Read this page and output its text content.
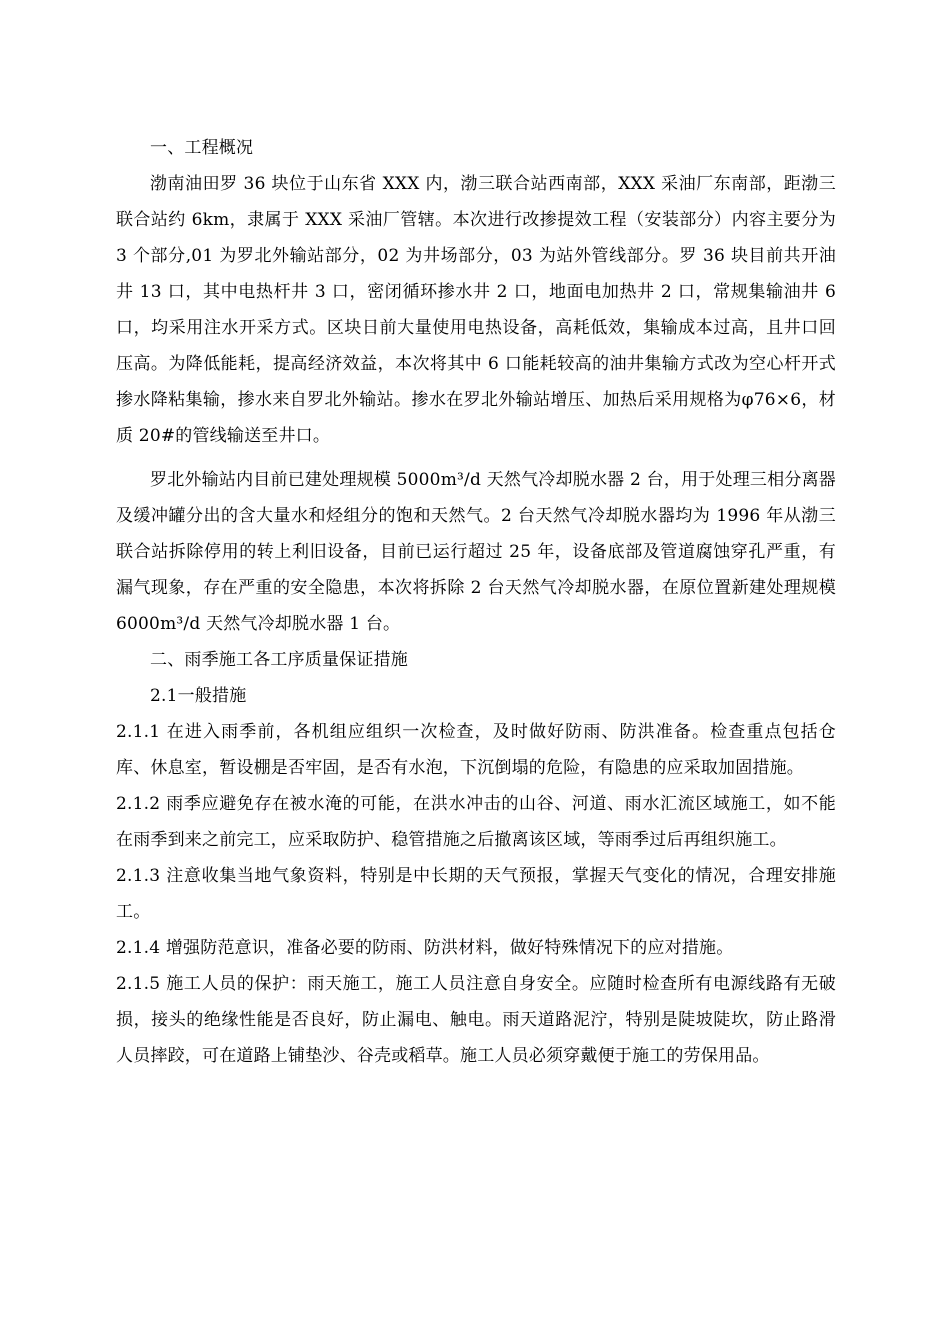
一、工程概况

渤南油田罗 36 块位于山东省 XXX 内，渤三联合站西南部，XXX 采油厂东南部，距渤三联合站约 6km，隶属于 XXX 采油厂管辖。本次进行改掺提效工程（安装部分）内容主要分为 3 个部分,01 为罗北外输站部分，02 为井场部分，03 为站外管线部分。罗 36 块目前共开油井 13 口，其中电热杆井 3 口，密闭循环掺水井 2 口，地面电加热井 2 口，常规集输油井 6 口，均采用注水开采方式。区块日前大量使用电热设备，高耗低效，集输成本过高，且井口回压高。为降低能耗，提高经济效益，本次将其中 6 口能耗较高的油井集输方式改为空心杆开式掺水降粘集输，掺水来自罗北外输站。掺水在罗北外输站增压、加热后采用规格为φ76×6，材质 20#的管线输送至井口。

罗北外输站内目前已建处理规模 5000m³/d 天然气冷却脱水器 2 台，用于处理三相分离器及缓冲罐分出的含大量水和烃组分的饱和天然气。2 台天然气冷却脱水器均为 1996 年从渤三联合站拆除停用的转上利旧设备，目前已运行超过 25 年，设备底部及管道腐蚀穿孔严重，有漏气现象，存在严重的安全隐患，本次将拆除 2 台天然气冷却脱水器，在原位置新建处理规模 6000m³/d 天然气冷却脱水器 1 台。

二、雨季施工各工序质量保证措施

2.1一般措施

2.1.1 在进入雨季前，各机组应组织一次检查，及时做好防雨、防洪准备。检查重点包括仓库、休息室，暂设棚是否牢固，是否有水泡，下沉倒塌的危险，有隐患的应采取加固措施。

2.1.2 雨季应避免存在被水淹的可能，在洪水冲击的山谷、河道、雨水汇流区域施工，如不能在雨季到来之前完工，应采取防护、稳管措施之后撤离该区域，等雨季过后再组织施工。

2.1.3 注意收集当地气象资料，特别是中长期的天气预报，掌握天气变化的情况，合理安排施工。

2.1.4 增强防范意识，准备必要的防雨、防洪材料，做好特殊情况下的应对措施。

2.1.5 施工人员的保护：雨天施工，施工人员注意自身安全。应随时检查所有电源线路有无破损，接头的绝缘性能是否良好，防止漏电、触电。雨天道路泥泞，特别是陡坡陡坎，防止路滑人员摔跤，可在道路上铺垫沙、谷壳或稻草。施工人员必须穿戴便于施工的劳保用品。
